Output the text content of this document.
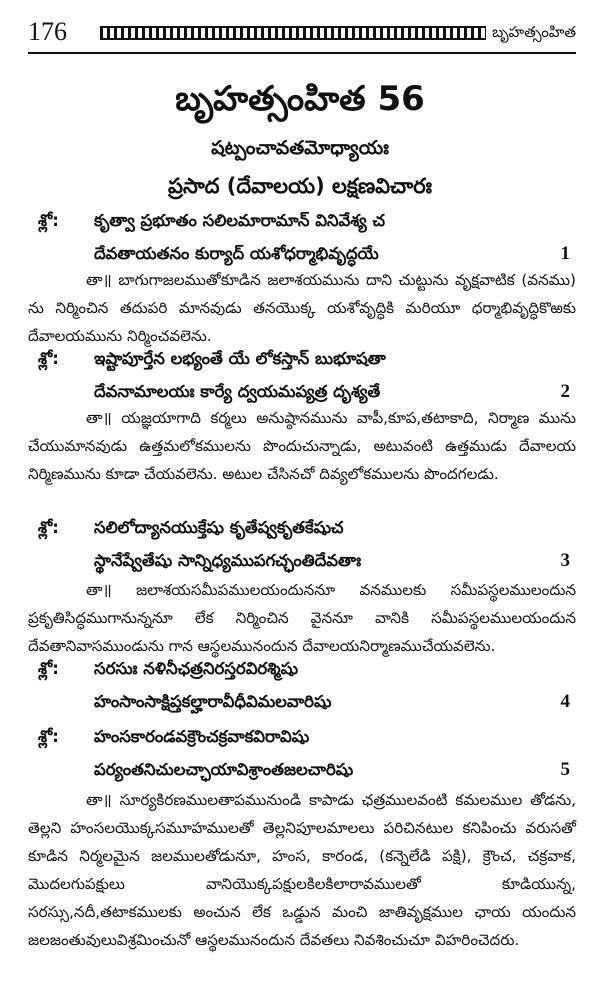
176	బృహత్సంహిత
బృహత్సంహిత 56
షట్పంచావతమోధ్యాయః
ప్రసాద (దేవాలయ) లక్షణవిచారః
శ్లో: కృత్వా ప్రభూతం సలిలమారామాన్ వినివేశ్య చ
దేవతాయతనం కుర్యాద్ యశోధర్మాభివృద్ధయే	1

తా॥ బాగుగాజలముతోకూడిన జలాశయమును దాని చుట్టును వృక్షవాటిక (వనము) ను నిర్మించిన తదుపరి మానవుడు తనయొక్క యశోవృద్ధికి మరియూ ధర్మాభివృద్ధికొఱకు దేవాలయమును నిర్మించవలెను.

శ్లో: ఇష్టాపూర్తేన లభ్యంతే యే లోకస్తాన్ బుభూషతా
దేవనామాలయః కార్యే ద్వయమప్యత్ర దృశ్యతే	2

తా॥ యజ్ఞయాగాది కర్మలు అనుష్ఠానమును వాపీ,కూప,తటాకాది, నిర్మాణ మును చేయుమానవుడు ఉత్తమలోకములను పొందుచున్నాడు, అటువంటి ఉత్తముడు దేవాలయ నిర్మిణమును కూడా చేయవలెను. అటుల చేసినచో దివ్యలోకములను పొందగలడు.

శ్లో: సలిలోద్యానయుక్తేషు కృతేష్వకృతకేషుచ
స్థానేష్వేతేషు సాన్నిధ్యముపగచ్ఛంతిదేవతాః	3

తా॥ జలాశయసమీపములయందుననూ వనములకు సమీపస్థలములందున ప్రకృతిసిద్ధముగానున్ననూ లేక నిర్మించిన వైననూ వానికి సమీపస్థలములయందున దేవతానివాసముండును గాన ఆస్థలమునందున దేవాలయనిర్మాణముచేయవలెను.

శ్లో: సరసుః నళినీఛత్రనిరస్తరవిరశ్మిషు
హంసాంసాక్షిప్తకల్హారావీధీవిమలవారిషు	4
శ్లో: హంసకారండవక్రౌంచక్రవాకవిరావిషు
పర్యంతనిచులచ్ఛాయావిశ్రాంతజలచారిషు	5

తా॥ సూర్యకిరణములతాపమునుండి కాపాడు ఛత్రములవంటి కమలముల తోడను, తెల్లని హంసలయొక్కసమూహములతో తెల్లనిపూలమాలలు పరిచినటుల కనిపించు వరుసతో కూడిన నిర్మలమైన జలములతోడునూ, హంస, కారండ, (కన్నెలేడి పక్షి), క్రౌంచ, చక్రవాక, మొదలగుపక్షులు వానియొక్కపక్షులకిలకిలారావములతో కూడియున్న, సరస్సు,నదీ,తటాకములకు అంచున లేక ఒడ్డున మంచి జాతివృక్షముల ఛాయ యందున జలజంతువులువిశ్రమించునో ఆస్థలమునందున దేవతలు నివశించుచూ విహరించెదరు.
